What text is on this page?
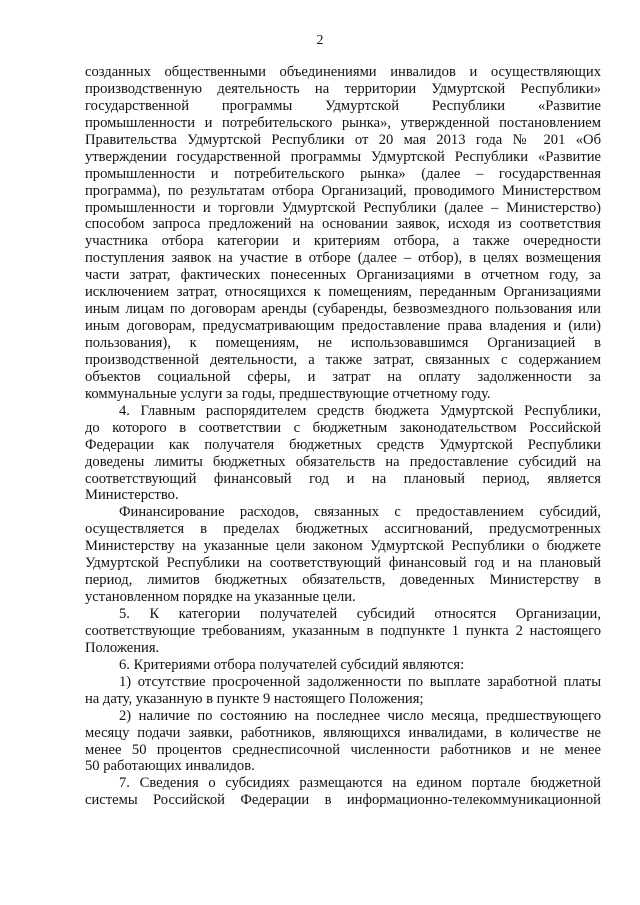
2
созданных общественными объединениями инвалидов и осуществляющих
производственную деятельность на территории Удмуртской Республики»
государственной программы Удмуртской Республики «Развитие
промышленности и потребительского рынка», утвержденной постановлением
Правительства Удмуртской Республики от 20 мая 2013 года № 201 «Об
утверждении государственной программы Удмуртской Республики «Развитие
промышленности и потребительского рынка» (далее – государственная
программа), по результатам отбора Организаций, проводимого Министерством
промышленности и торговли Удмуртской Республики (далее – Министерство)
способом запроса предложений на основании заявок, исходя из соответствия
участника отбора категории и критериям отбора, а также очередности
поступления заявок на участие в отборе (далее – отбор), в целях возмещения
части затрат, фактических понесенных Организациями в отчетном году, за
исключением затрат, относящихся к помещениям, переданным Организациями
иным лицам по договорам аренды (субаренды, безвозмездного пользования или
иным договорам, предусматривающим предоставление права владения и (или)
пользования), к помещениям, не использовавшимся Организацией в
производственной деятельности, а также затрат, связанных с содержанием
объектов социальной сферы, и затрат на оплату задолженности за
коммунальные услуги за годы, предшествующие отчетному году.
4. Главным распорядителем средств бюджета Удмуртской Республики,
до которого в соответствии с бюджетным законодательством Российской
Федерации как получателя бюджетных средств Удмуртской Республики
доведены лимиты бюджетных обязательств на предоставление субсидий на
соответствующий финансовый год и на плановый период, является
Министерство.
Финансирование расходов, связанных с предоставлением субсидий,
осуществляется в пределах бюджетных ассигнований, предусмотренных
Министерству на указанные цели законом Удмуртской Республики о бюджете
Удмуртской Республики на соответствующий финансовый год и на плановый
период, лимитов бюджетных обязательств, доведенных Министерству в
установленном порядке на указанные цели.
5. К категории получателей субсидий относятся Организации,
соответствующие требованиям, указанным в подпункте 1 пункта 2 настоящего
Положения.
6. Критериями отбора получателей субсидий являются:
1) отсутствие просроченной задолженности по выплате заработной платы
на дату, указанную в пункте 9 настоящего Положения;
2) наличие по состоянию на последнее число месяца, предшествующего
месяцу подачи заявки, работников, являющихся инвалидами, в количестве не
менее 50 процентов среднесписочной численности работников и не менее
50 работающих инвалидов.
7. Сведения о субсидиях размещаются на едином портале бюджетной
системы Российской Федерации в информационно-телекоммуникационной
